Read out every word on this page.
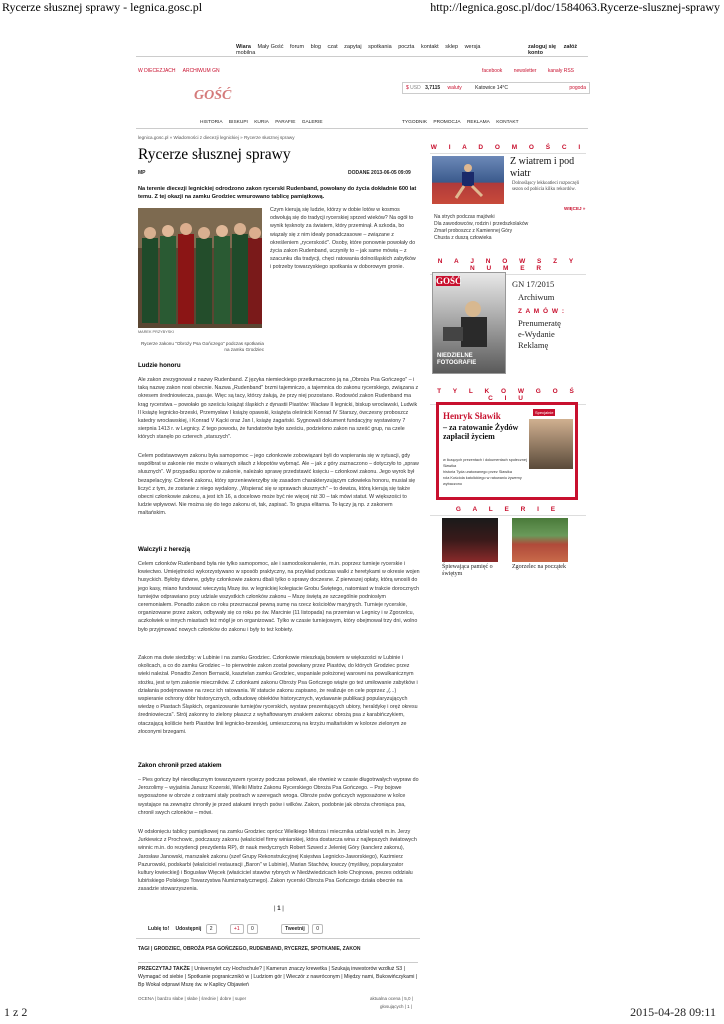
Rycerze słusznej sprawy - legnica.gosc.pl	http://legnica.gosc.pl/doc/1584063.Rycerze-slusznej-sprawy
Wiara Mały Gość forum blog czat zapytaj spotkania poczta kontakt sklep wersja mobilna
zaloguj się załóż konto
W DIECEZJACH ARCHIWUM GN	facebook newsletter kanały RSS
GOŚĆ	$ USD 3,7115 waluty	Katowice 14°C	pogoda
HISTORIA BISKUPI KURIA PARAFIE GALERIE	TYGODNIK PROMOCJA REKLAMA KONTAKT
legnica.gosc.pl » Wiadomości z diecezji legnickiej » Rycerze słusznej sprawy
Rycerze słusznej sprawy
MP	DODANE 2013-06-05 09:09
Na terenie diecezji legnickiej odrodzono zakon rycerski Rudenband, powołany do życia dokładnie 600 lat temu. Z tej okazji na zamku Grodziec wmurowano tablicę pamiątkową.
MAREK PRZYBYSKI
Rycerze zakonu "Obroży Psa Gończego" podczas spotkania na zamku Grodziec
Czym kierują się ludzie, którzy w dobie lotów w kosmos odwołują się do tradycji rycerskiej sprzed wieków? Na ogół to wynik tęsknoty za światem, który przeminął. A szkoda, bo wiązały się z nim ideały ponadczasowe – związane z określeniem „rycerskość". Osoby, które ponownie powołały do życia zakon Rudenband, uczyniły to – jak same mówią – z szacunku dla tradycji, chęci ratowania dolnośląskich zabytków i potrzeby towarzyskiego spotkania w doborowym gronie.
Ludzie honoru
Ale zakon zrezygnował z nazwy Rudenband. Z języka niemieckiego przetłumaczono ją na „Obroża Psa Gończego" – i taką nazwę zakon nosi obecnie. Nazwa „Rudenband" brzmi tajemniczo, a tajemnica do zakonu rycerskiego, związana z okresem średniowiecza, pasuje. Więc są tacy, którzy żałują, że przy niej pozostano. Rodowód zakon Rudenband ma krąg rycerstwa – powołało go sześciu książąt śląskich z dynastii Piastów: Wacław II legnicki, biskup wrocławski, Ludwik II książę legnicko-brzeski, Przemysław I książę opawski, książęta oleśnicki Konrad IV Starszy, ówczesny proboszcz katedry wrocławskiej, i Konrad V Kącki oraz Jan I, książę żagański. Sygnowali dokument fundacyjny wystawiony 7 sierpnia 1413 r. w Legnicy. Z tego powodu, że fundatorów było sześciu, podzielono zakon na sześć grup, na czele których stanęło po czterech „starszych".
Celem podstawowym zakonu była samopomoc – jego członkowie zobowiązani byli do wspierania się w sytuacji, gdy współbrat w zakonie nie może o własnych siłach z kłopotów wybrnąć. Ale – jak z góry zaznaczono – dotyczyło to „spraw słusznych". W przypadku sporów w zakonie, należało sprawę przedstawić księciu – członkowi zakonu. Jego wyrok był bezapelacyjny. Członek zakonu, który sprzeniewierzyłby się zasadom charakteryzującym człowieka honoru, musiał się liczyć z tym, że zostanie z niego wydalony. „Wspierać się w sprawach słusznych" – to dewiza, którą kierują się także obecni członkowie zakonu, a jest ich 16, a docelowo może być nie więcej niż 30 – tak mówi statut. W większości to ludzie wpływowi. Nie można się do tego zakonu ot, tak, zapisać. To grupa elitarna. To łączy ją np. z zakonem maltańskim.
Walczyli z herezją
Celem członków Rudenband była nie tylko samopomoc, ale i samodoskonalenie, m.in. poprzez turnieje rycerskie i łowiectwo. Umiejętności wykorzystywano w sposób praktyczny, na przykład podczas walki z heretykami w okresie wojen husyckich. Byłoby dziwne, gdyby członkowie zakonu dbali tylko o sprawy doczesne. Z pierwszej opłaty, którą wnosili do jego kasy, miano fundować wieczystą Mszę św. w legnickiej kolegiacie Grobu Świętego, natomiast w trakcie dorocznych turniejów odprawiano przy udziale wszystkich członków zakonu – Mszę świętą ze szczególnie podniosłym ceremoniałem. Ponadto zakon co roku przeznaczał pewną sumę na rzecz kościołów maryjnych. Turnieje rycerskie, organizowane przez zakon, odbywały się co roku po św. Marcinie (11 listopada) na przemian w Legnicy i w Zgorzelcu, aczkolwiek w innych miastach też mógł je on organizować. Tylko w czasie turniejowym, który obejmował trzy dni, wolno było przyjmować nowych członków do zakonu i były to też kobiety.
Zakon ma dwie siedziby: w Lubinie i na zamku Grodziec. Członkowie mieszkają bowiem w większości w Lubinie i okolicach, a co do zamku Grodziec – to pierwotnie zakon został powołany przez Piastów, do których Grodziec przez wieki należał. Ponadto Zenon Bernacki, kasztelan zamku Grodziec, wspaniale położonej warowni na powulkanicznym stożku, jest w tym zakonie mieczników. Z członkami zakonu Obroży Psa Gończego wiąże go też umiłowanie zabytków i działania podejmowane na rzecz ich ratowania. W statucie zakonu zapisano, że realizuje on cele poprzez „(...) wspieranie ochrony dóbr historycznych, odbudowę obiektów historycznych, wydawanie publikacji popularyzujących wiedzę o Piastach Śląskich, organizowanie turniejów rycerskich, wystaw prezentujących ubiory, heraldykę i oręż okresu średniowiecza". Strój zakonny to zielony płaszcz z wyhaftowanym znakiem zakonu: obrożą psa z karabińczykiem, otaczającą kolišcie herb Piastów linii legnicko-brzeskiej, umieszczoną na krzyżu maltańskim w kolorze zielonym ze złoconymi brzegami.
Zakon chronił przed atakiem
– Pies gończy był nieodłącznym towarzyszem rycerzy podczas polowań, ale również w czasie długotrwałych wypraw do Jerozolimy – wyjaśnia Janusz Kozerski, Wielki Mistrz Zakonu Rycerskiego Obroża Psa Gończego. – Psy bojowe wyposażone w obroże z ostrzami stały postrach w szeregach wroga. Obroże psów gończych wyposażone w kolce wystające na zewnątrz chroniły je przed atakami innych psów i wilków. Zakon, podobnie jak obroża chroniąca psa, chronił swych członków – mówi.
W odsłonięciu tablicy pamiątkowej na zamku Grodziec oprócz Wielkiego Mistrza i miecznika udział wzięli m.in. Jerzy Jurkiewicz z Prochowic, podczaszy zakonu (właściciel firmy winiarskiej, która dostarcza wina z najlepszych światowych winnic m.in. do rezydencji prezydenta RP), dr nauk medycznych Robert Szwed z Jeleniej Góry (kanclerz zakonu), Jarosław Janowski, marszałek zakonu (szef Grupy Rekonstrukcyjnej Księstwa Legnicko-Jaworskiego), Kazimierz Pazurowski, podskarbi (właściciel restauracji „Baron" w Lubinie), Marian Stachów, łowczy (myśliwy, popularyzator kultury łowieckiej) i Bogusław Więcek (właściciel stawów rybnych w Niedźwiedzicach koło Chojnowa, prezes oddziału lubińskiego Polskiego Towarzystwa Numizmatycznego). Zakon rycerski Obroża Psa Gończego działa obecnie na zasadzie stowarzyszenia.
| 1 |
Lubię to! Udostępnij 2	+1 0	Tweetnij 0
TAGI | GRODZIEC, OBROŻA PSA GOŃCZEGO, RUDENBAND, RYCERZE, SPOTKANIE, ZAKON
PRZECZYTAJ TAKŻE | Uniwersytet czy Hochschule? | Kamerun znaczy krewetka | Szukają inwestorów wzdłuż S3 | Wymagać od siebie | Spotkanie pogranicznikó w | Ludziom gór | Wieczór z nawróconym | Między nami, Bukowińczykami | Bp Wokal odprawi Mszę św. w Kaplicy Objawień
OCENA | bardzo słabe | słabe | średnie | dobre | super	aktualna ocena | 5,0 |
głosujących | 1 |
W I A D O M O Ś C I
Z wiatrem i pod wiatr
Dolnośląscy lekkoatleci rozpoczęli sezon od pobicia kilku rekordów.
WIĘCEJ »
Na strych podczas majówki
Dla zawodowców, rodzin i przedszkolaków
Zmarł proboszcz z Kamiennej Góry
Chusta z duszą człowieka
N A J N O W S Z Y N U M E R
GOŚĆ
NIEDZIELNE FOTOGRAFIE
GN 17/2015
Archiwum
Z A M Ó W :
Prenumeratę
e-Wydanie
Reklamę
T Y L K O W G O Ś C I U
Henryk Sławik
– za ratowanie Żydów zapłacił życiem
Specjalnie
w liczących prezentach i dokumentach społecznej Sławika
historia Tyda uratowanego przez Sławika
rola Kościoła katolickiego w ratowaniu żywemy wybaczono
G A L E R I E
Śpiewająca pamięć o świętym
Zgorzelec na początek
1 z 2	2015-04-28 09:11
